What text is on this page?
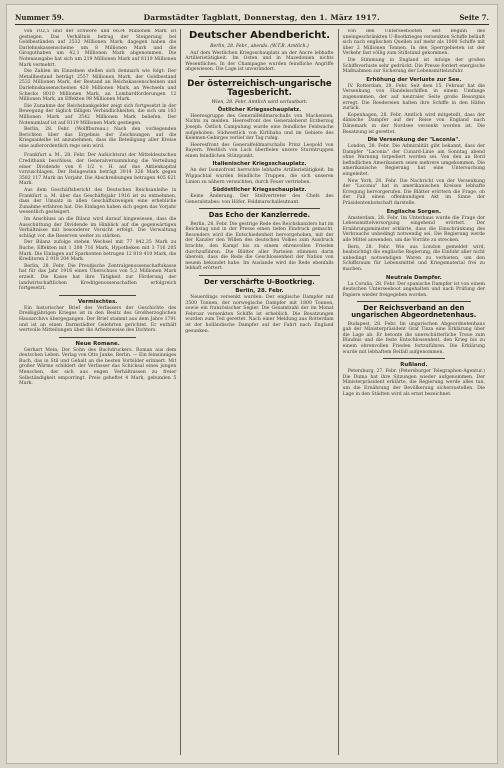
Nummer 59.	Darmstädter Tagblatt, Donnerstag, den 1. März 1917.	Seite 7.

von 102,5 und der schwere und 6634 Millionen Mark ist gestiegen. Das Verhältnis betrug der Steigerung bei Goldbeständen auf 2532 Millionen Mark; dagegen haben die Darlehnskassenscheine um 8 Millionen Mark und die Giroguthaben um 42,1 Millionen Mark abgenommen. Die Notenausgabe hat sich um 219 Millionen Mark auf 8119 Millionen Mark vermehrt.

Die Zahlen im Einzelnen stellen sich demnach wie folgt: Der Metallbestand beträgt 2557 Millionen Mark, der Goldbestand 2532 Millionen Mark, der Bestand an Reichskassenscheinen und Darlehnskassenscheinen 420 Millionen Mark, an Wechseln und Schecks 8010 Millionen Mark, an Lombardforderungen 12 Millionen Mark, an Effekten 98 Millionen Mark.

Die Zunahme der Reichsbankgelder zeigt sich fortgesetzt in der Bewegung der täglich fälligen Verbindlichkeiten, die sich um 163 Millionen Mark auf 3542 Millionen Mark beliefen. Der Notenumlauf ist auf 8119 Millionen Mark gestiegen.

Berlin, 28. Febr. (Wolffbureau.) Nach den vorliegenden Berichten über das Ergebnis der Zeichnungen auf die Kriegsanleihe ist anzunehmen, dass die Beteiligung aller Kreise eine außerordentlich rege sein wird.

Frankfurt a. M., 28. Febr. Der Aufsichtsrat der Mitteldeutschen Creditbank beschloss, der Generalversammlung die Verteilung einer Dividende von 6 1/2 v. H. auf das Aktienkapital vorzuschlagen. Der Reingewinn beträgt 3914 326 Mark gegen 3582 117 Mark im Vorjahr. Die Abschreibungen betragen 405 621 Mark.

Aus dem Geschäftsbericht des Deutschen Reichsanleihe in Frankfurt a. M. über das Geschäftsjahr 1916 ist zu entnehmen, dass der Umsatz in allen Geschäftszweigen eine erhebliche Zunahme erfahren hat. Die Einlagen haben sich gegen das Vorjahr wesentlich gesteigert.

Im Anschluss an die Bilanz wird darauf hingewiesen, dass die Ausschüttung der Dividende im Hinblick auf die gegenwärtigen Verhältnisse mit besonderer Vorsicht erfolgt. Die Verwaltung schlägt vor, die Reserven weiter zu stärken.

Der Bilanz zufolge stehen Wechsel mit 77 842,35 Mark zu Buche, Effekten mit 1 208 716 Mark, Hypotheken mit 3 716 205 Mark. Die Einlagen auf Sparkonten betrugen 12 818 410 Mark, die Kreditoren 2 918 204 Mark.

Berlin, 28. Febr. Die Preußische Zentralgenossenschaftskasse hat für das Jahr 1916 einen Überschuss von 5,2 Millionen Mark erzielt. Die Kasse hat ihre Tätigkeit zur Förderung der landwirtschaftlichen Kreditgenossenschaften erfolgreich fortgesetzt.

Vermischtes.

Ein historischer Brief des Verfassers der Geschichte des Dreißigjährigen Krieges ist in den Besitz des Großherzoglichen Hausarchivs übergegangen. Der Brief stammt aus dem Jahre 1791 und ist an einen Darmstädter Gelehrten gerichtet. Er enthält wertvolle Mitteilungen über die Arbeitsweise des Dichters.

Neue Romane.

Gerhart Mein, Der Sohn des Buchdruckers. Roman aus dem deutschen Leben. Verlag von Otto Janke, Berlin. — Ein feinsinniges Buch, das in Stil und Gehalt an die besten Vorbilder erinnert. Mit großer Wärme schildert der Verfasser das Schicksal eines jungen Menschen, der sich aus engen Verhältnissen zu freier Selbständigkeit emporringt. Preis geheftet 4 Mark, gebunden 5 Mark.

Deutscher Abendbericht.
Berlin, 28. Febr., abends. (W.T.B. Amtlich.)

Auf dem Westlichen Kriegsschauplatz an der Ancre lebhafte Artillerietätigkeit. Im Osten und in Mazedonien nichts Wesentliches. In der Champagne wurden feindliche Angriffe abgewiesen. Die Lage ist unverändert.

Der österreichisch-ungarische Tagesbericht.
Wien, 28. Febr. Amtlich wird verlautbart:
Östlicher Kriegsschauplatz.

Heeresgruppe des Generalfeldmarschalls von Mackensen. Nichts zu melden. Heeresfront des Generaloberst Erzherzog Joseph: Östlich Campulung wurde eine feindliche Feldwache aufgehoben. Südwestlich von Kirlibaba und im Gebiete des Kelemen-Gebirges verlief der Tag ruhig.

Heeresfront des Generalfeldmarschalls Prinz Leopold von Bayern. Westlich von Luck überfielen unsere Sturmtruppen einen feindlichen Stützpunkt.

Italienischer Kriegsschauplatz.

An der Isonzofront herrschte lebhafte Artillerietätigkeit. Im Wippachtal wurden feindliche Truppen, die sich unseren Linien zu nähern versuchten, durch Feuer vertrieben.

Südöstlicher Kriegsschauplatz.

Keine Änderung. Der Stellvertreter des Chefs des Generalstabes: von Höfer, Feldmarschalleutnant.

Das Echo der Kanzlerrede.

Berlin, 28. Febr. Die gestrige Rede des Reichskanzlers hat im Reichstag und in der Presse einen tiefen Eindruck gemacht. Besonders wird die Entschiedenheit hervorgehoben, mit der der Kanzler den Willen des deutschen Volkes zum Ausdruck brachte, den Kampf bis zu einem ehrenvollen Frieden durchzuführen. Die Blätter aller Parteien stimmen darin überein, dass die Rede die Geschlossenheit der Nation von neuem bekundet habe. Im Auslande wird die Rede ebenfalls lebhaft erörtert.

Der verschärfte U-Bootkrieg.
Berlin, 28. Febr.

Neuerdings versenkt wurden: Der englische Dampfer mit 3500 Tonnen, der norwegische Dampfer mit 1800 Tonnen, sowie ein französischer Segler. Die Gesamtzahl der im Monat Februar versenkten Schiffe ist erheblich. Die Besatzungen wurden zum Teil gerettet. Nach einer Meldung aus Rotterdam ist der holländische Dampfer auf der Fahrt nach England gesunken.

von den Unterseebooten seit Beginn des uneingeschränkten U-Bootkrieges versenkten Schiffe beläuft sich nach englischen Quellen auf mehr als 1000 Schiffe mit über 2 Millionen Tonnen. In den Sperrgebieten ist der Verkehr fast völlig zum Stillstand gekommen.

Die Stimmung in England ist infolge der großen Schiffsverluste sehr gedrückt. Die Presse fordert energische Maßnahmen zur Sicherung der Lebensmittelzufuhr.

Erhöhung der Verluste zur See.

IV. Rotterdam, 28. Febr. Seit dem 15. Februar hat die Versenkung von Handelsschiffen in einem Umfange zugenommen, der auf neutraler Seite große Besorgnis erregt. Die Reedereien halten ihre Schiffe in den Häfen zurück.

Kopenhagen, 28. Febr. Amtlich wird mitgeteilt, dass der dänische Dampfer auf der Reise von England nach Dänemark in der Nordsee versenkt worden ist. Die Besatzung ist gerettet.

Die Versenkung der "Laconia".

London, 28. Febr. Die Admiralität gibt bekannt, dass der Dampfer "Laconia" der Cunard-Linie am Sonntag abend ohne Warnung torpediert worden sei. Von den an Bord befindlichen Amerikanern seien mehrere umgekommen. Die amerikanische Regierung hat eine Untersuchung eingeleitet.

New York, 28. Febr. Die Nachricht von der Versenkung der "Laconia" hat in amerikanischen Kreisen lebhafte Erregung hervorgerufen. Die Blätter erörtern die Frage, ob der Fall einen offenkundigen Akt im Sinne der Präsidentenbotschaft darstelle.

Englische Sorgen.

Amsterdam, 28. Febr. Im Unterhaus wurde die Frage der Lebensmittelversorgung eingehend erörtert. Der Ernährungsminister erklärte, dass die Einschränkung des Verbrauchs unbedingt notwendig sei. Die Regierung werde alle Mittel anwenden, um die Vorräte zu strecken.

Bern, 28. Febr. Wie aus London gemeldet wird, beabsichtigt die englische Regierung, die Einfuhr aller nicht unbedingt notwendigen Waren zu verbieten, um den Schiffsraum für Lebensmittel und Kriegsmaterial frei zu machen.

Neutrale Dampfer.

La Coruña, 28. Febr. Der spanische Dampfer ist von einem deutschen Unterseeboot angehalten und nach Prüfung der Papiere wieder freigegeben worden.

Der Reichsverband an den ungarischen Abgeordnetenhaus.

Budapest, 28. Febr. Im ungarischen Abgeordnetenhaus gab der Ministerpräsident Graf Tisza eine Erklärung über die Lage ab. Er betonte die unerschütterliche Treue zum Bündnis und die feste Entschlossenheit, den Krieg bis zu einem ehrenvollen Frieden fortzuführen. Die Erklärung wurde mit lebhaftem Beifall aufgenommen.

Rußland.

Petersburg, 27. Febr. (Petersburger Telegraphen-Agentur.) Die Duma hat ihre Sitzungen wieder aufgenommen. Der Ministerpräsident erklärte, die Regierung werde alles tun, um die Ernährung der Bevölkerung sicherzustellen. Die Lage in den Städten wird als ernst bezeichnet.
